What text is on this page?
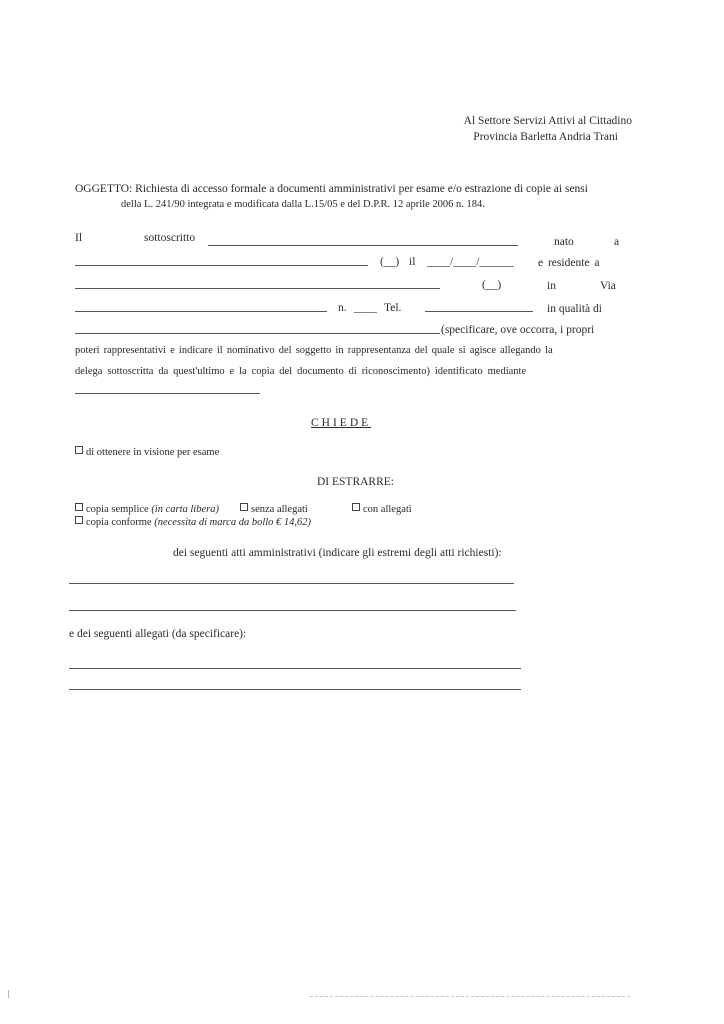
Al Settore Servizi Attivi al Cittadino
Provincia Barletta Andria Trani
OGGETTO: Richiesta di accesso formale a documenti amministrativi per esame e/o estrazione di copie ai sensi
della L. 241/90 integrata e modificata dalla L.15/05 e del D.P.R. 12 aprile 2006 n. 184.
Il	sottoscritto	nato	a
(__) il ____/____/______ e residente a
(__)	in	Via
n. ____ Tel.	in qualità di
(specificare, ove occorra, i propri
poteri rappresentativi e indicare il nominativo del soggetto in rappresentanza del quale si agisce allegando la
delega sottoscritta da quest'ultimo e la copia del documento di riconoscimento) identificato mediante
CHIEDE
di ottenere in visione per esame
DI ESTRARRE:
copia semplice (in carta libera)	senza allegati	con allegati
copia conforme (necessita di marca da bollo € 14,62)
dei seguenti atti amministrativi (indicare gli estremi degli atti richiesti):
e dei seguenti allegati (da specificare):
